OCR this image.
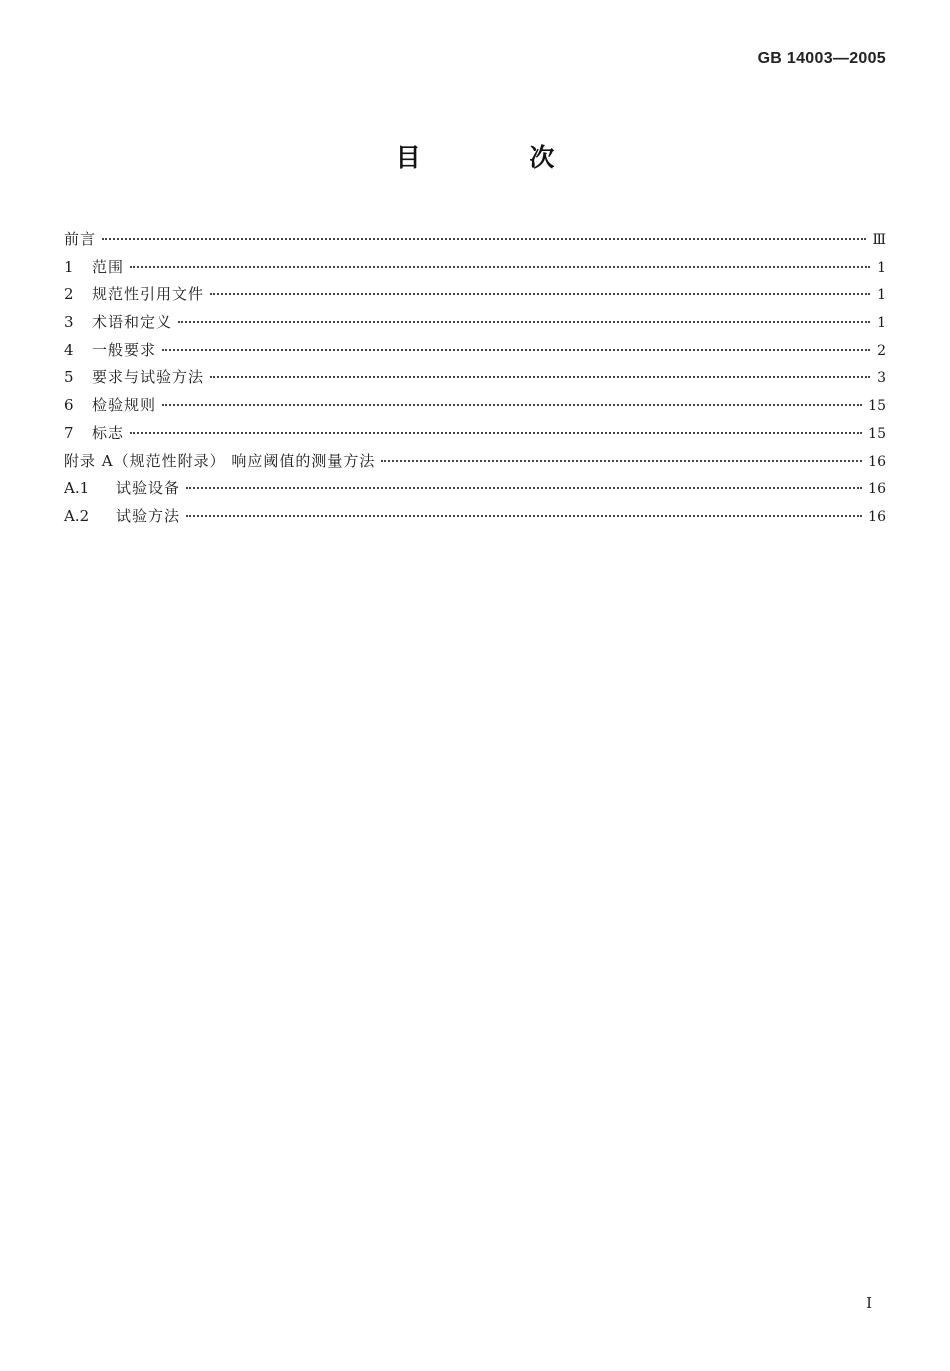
GB 14003—2005
目 次
前言	Ⅲ
1	范围	1
2	规范性引用文件	1
3	术语和定义	1
4	一般要求	2
5	要求与试验方法	3
6	检验规则	15
7	标志	15
附录 A（规范性附录） 响应阈值的测量方法	16
A.1	试验设备	16
A.2	试验方法	16
I
